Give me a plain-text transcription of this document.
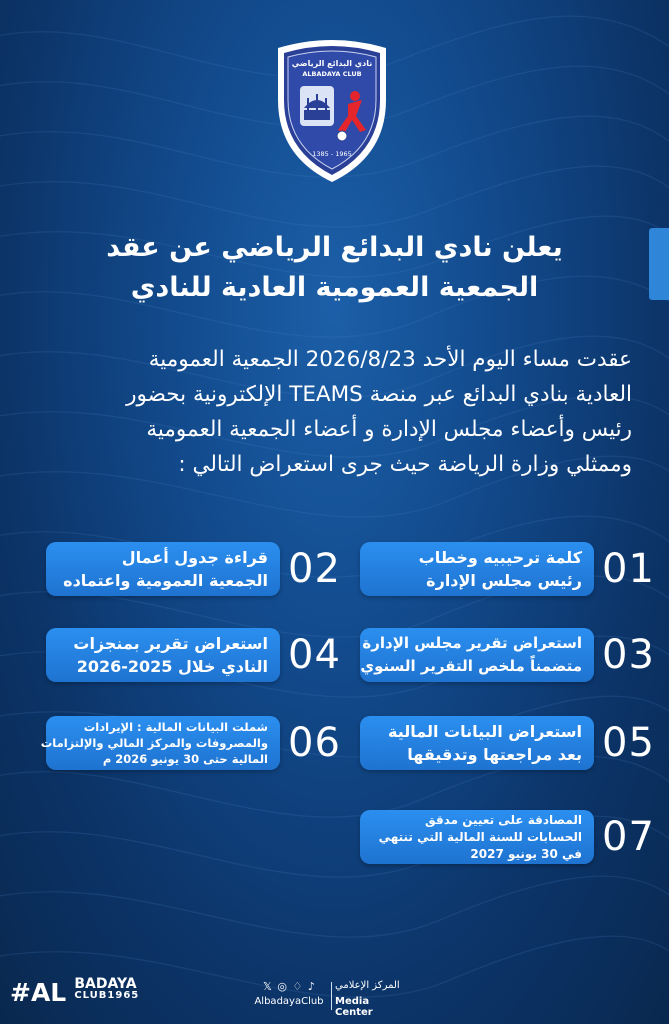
نادي البدائع الرياضي
ALBADAYA CLUB
1385 - 1965
يعلن نادي البدائع الرياضي عن عقد
الجمعية العمومية العادية للنادي
عقدت مساء اليوم الأحد 2026/8/23 الجمعية العمومية
العادية بنادي البدائع عبر منصة TEAMS الإلكترونية بحضور
رئيس وأعضاء مجلس الإدارة و أعضاء الجمعية العمومية
وممثلي وزارة الرياضة حيث جرى استعراض التالي :
كلمة ترحيبيه وخطاب
رئيس مجلس الإدارة 01
قراءة جدول أعمال
الجمعية العمومية واعتماده 02
استعراض تقرير مجلس الإدارة
متضمناً ملخص التقرير السنوي 03
استعراض تقرير بمنجزات
النادي خلال 2025-2026 04
استعراض البيانات المالية
بعد مراجعتها وتدقيقها 05
شملت البيانات المالية : الإيرادات
والمصروفات والمركز المالي والإلتزامات
المالية حتى 30 يونيو 2026 م 06
المصادقة على تعيين مدقق
الحسابات للسنة المالية التي تنتهي
في 30 يونيو 2027 07
#AL BADAYA
CLUB1965
𝕏 ◎ ♢ ♪
AlbadayaClub
المركز الإعلامي
Media Center
